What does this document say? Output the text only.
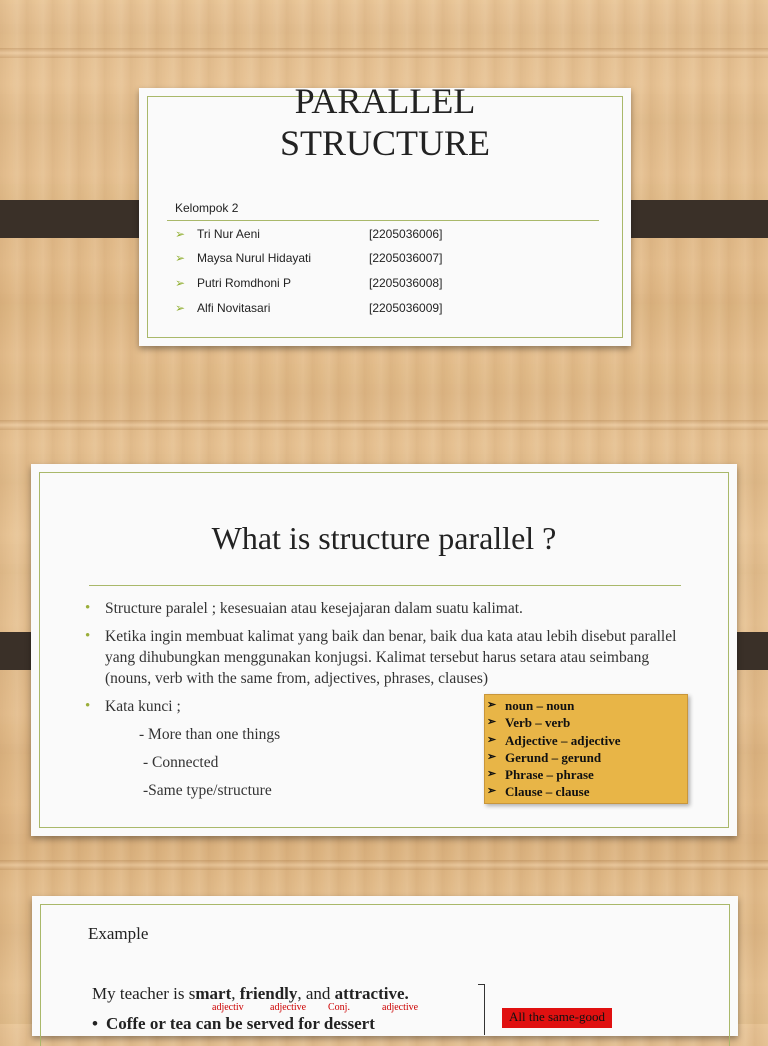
PARALLEL
STRUCTURE
Kelompok 2
➢ Tri Nur Aeni	[2205036006]
➢ Maysa Nurul Hidayati	[2205036007]
➢ Putri Romdhoni P	[2205036008]
➢ Alfi Novitasari	[2205036009]
What is structure parallel ?
• Structure paralel ; kesesuaian atau kesejajaran dalam suatu kalimat.
• Ketika ingin membuat kalimat yang baik dan benar, baik dua kata atau lebih disebut parallel yang dihubungkan menggunakan konjugsi. Kalimat tersebut harus setara atau seimbang (nouns, verb with the same from, adjectives, phrases, clauses)
• Kata kunci ;
- More than one things
- Connected
-Same type/structure
➢ noun – noun
➢ Verb – verb
➢ Adjective – adjective
➢ Gerund – gerund
➢ Phrase – phrase
➢ Clause – clause
Example
My teacher is smart, friendly, and attractive.
adjectiv	adjective Conj.	adjective
All the same-good
• Coffe or tea can be served for dessert
